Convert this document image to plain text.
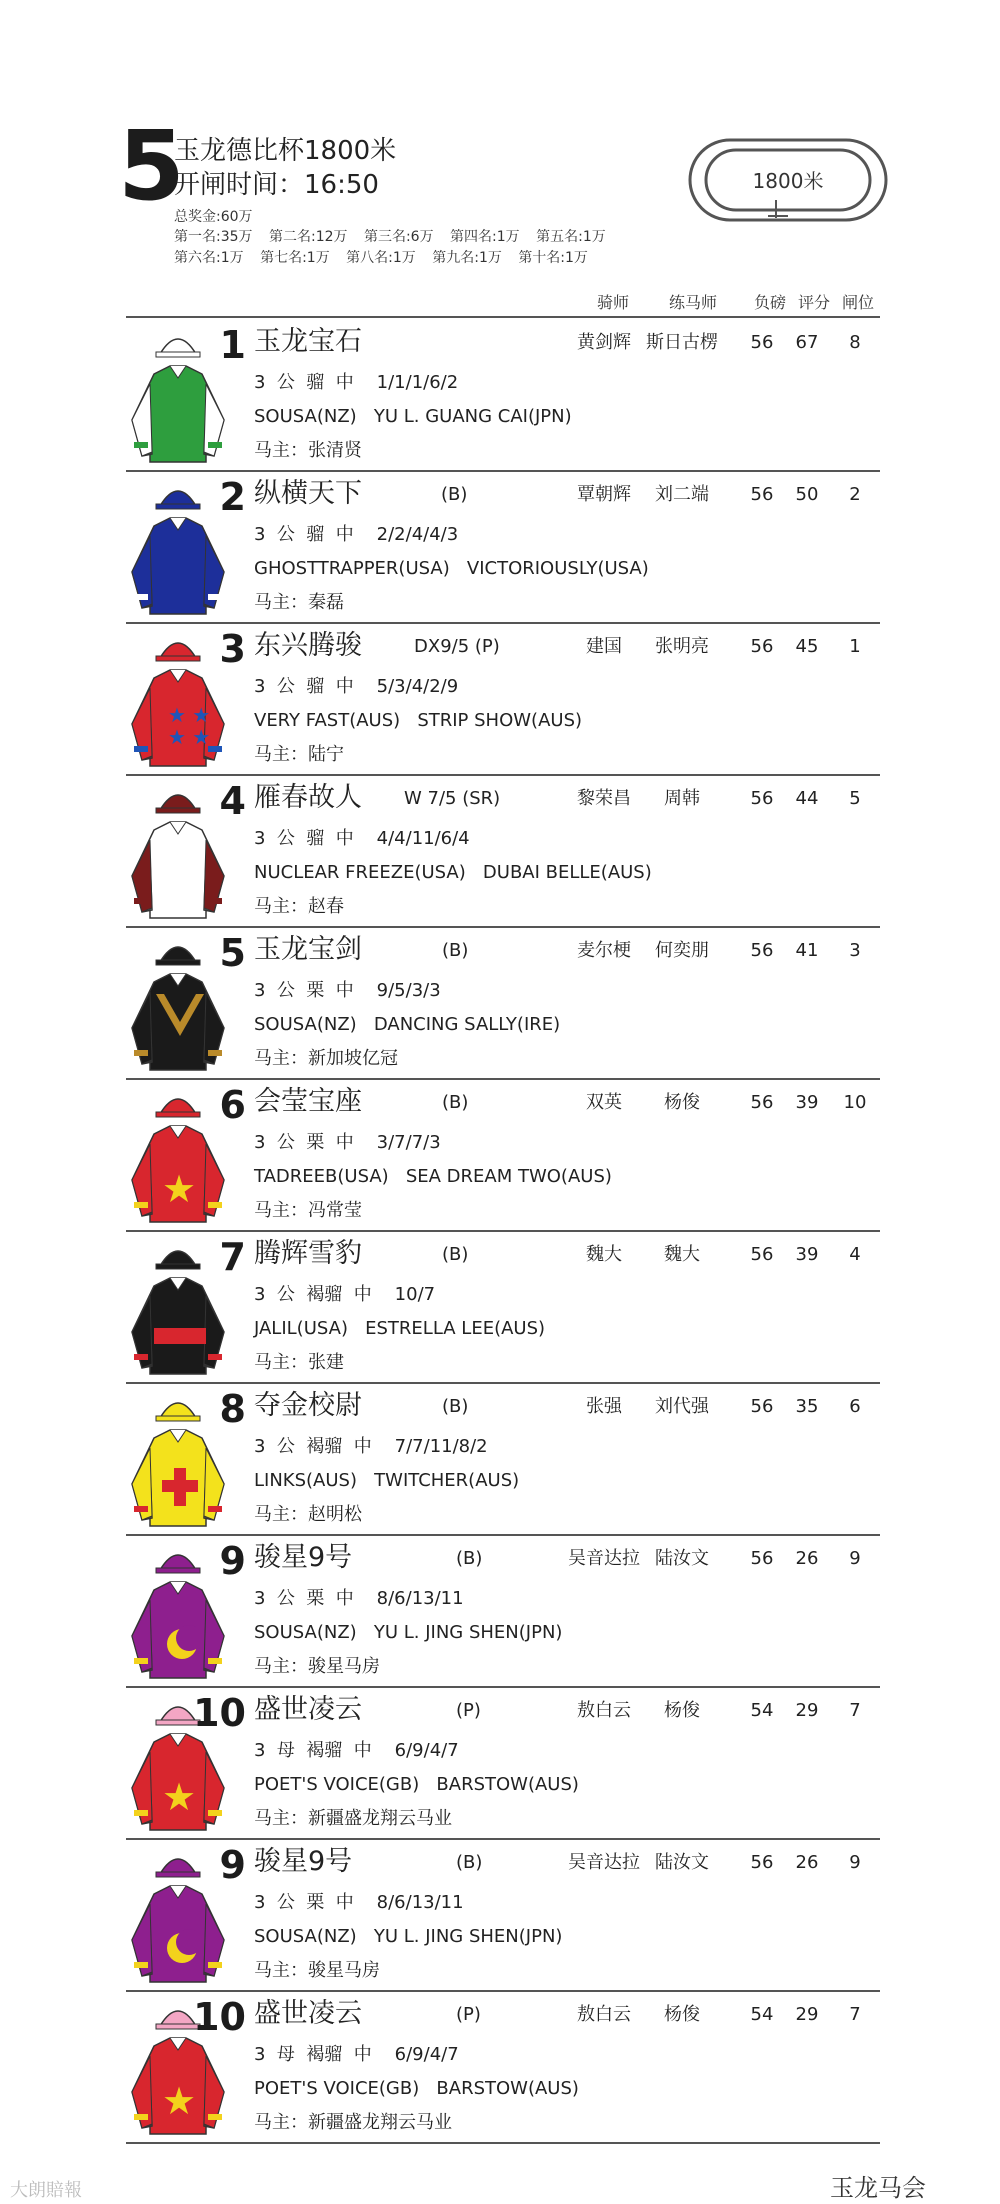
5
玉龙德比杯1800米
开闸时间：16:50
总奖金:60万
第一名:35万 第二名:12万 第三名:6万 第四名:1万 第五名:1万
第六名:1万 第七名:1万 第八名:1万 第九名:1万 第十名:1万
1800米
骑师	练马师	负磅 评分 闸位
1 玉龙宝石	黄剑辉 斯日古楞	56	67	8
3  公  骝  中    1/1/1/6/2
SOUSA(NZ)   YU L. GUANG CAI(JPN)
马主：张清贤
2 纵横天下	(B)	覃朝辉	刘二端	56	50	2
3  公  骝  中    2/2/4/4/3
GHOSTTRAPPER(USA)   VICTORIOUSLY(USA)
马主：秦磊
★ ★
★ ★
3 东兴腾骏	DX9/5 (P)	建国	张明亮	56	45	1
3  公  骝  中    5/3/4/2/9
VERY FAST(AUS)   STRIP SHOW(AUS)
马主：陆宁
4 雁春故人 W 7/5 (SR)	黎荣昌	周韩	56	44	5
3  公  骝  中    4/4/11/6/4
NUCLEAR FREEZE(USA)   DUBAI BELLE(AUS)
马主：赵春
5 玉龙宝剑	(B)	麦尔梗	何奕朋	56	41	3
3  公  栗  中    9/5/3/3
SOUSA(NZ)   DANCING SALLY(IRE)
马主：新加坡亿冠
★
6 会莹宝座	(B)	双英	杨俊	56	39	10
3  公  栗  中    3/7/7/3
TADREEB(USA)   SEA DREAM TWO(AUS)
马主：冯常莹
7 腾辉雪豹	(B)	魏大	魏大	56	39	4
3  公  褐骝  中    10/7
JALIL(USA)   ESTRELLA LEE(AUS)
马主：张建
8 夺金校尉	(B)	张强	刘代强	56	35	6
3  公  褐骝  中    7/7/11/8/2
LINKS(AUS)   TWITCHER(AUS)
马主：赵明松
9 骏星9号	(B)	吴音达拉 陆汝文	56	26	9
3  公  栗  中    8/6/13/11
SOUSA(NZ)   YU L. JING SHEN(JPN)
马主：骏星马房
★
10 盛世凌云	(P)	敖白云	杨俊	54	29	7
3  母  褐骝  中    6/9/4/7
POET'S VOICE(GB)   BARSTOW(AUS)
马主：新疆盛龙翔云马业
9 骏星9号	(B)	吴音达拉 陆汝文	56	26	9
3  公  栗  中    8/6/13/11
SOUSA(NZ)   YU L. JING SHEN(JPN)
马主：骏星马房
★
10 盛世凌云	(P)	敖白云	杨俊	54	29	7
3  母  褐骝  中    6/9/4/7
POET'S VOICE(GB)   BARSTOW(AUS)
马主：新疆盛龙翔云马业
大朗賠報	玉龙马会
